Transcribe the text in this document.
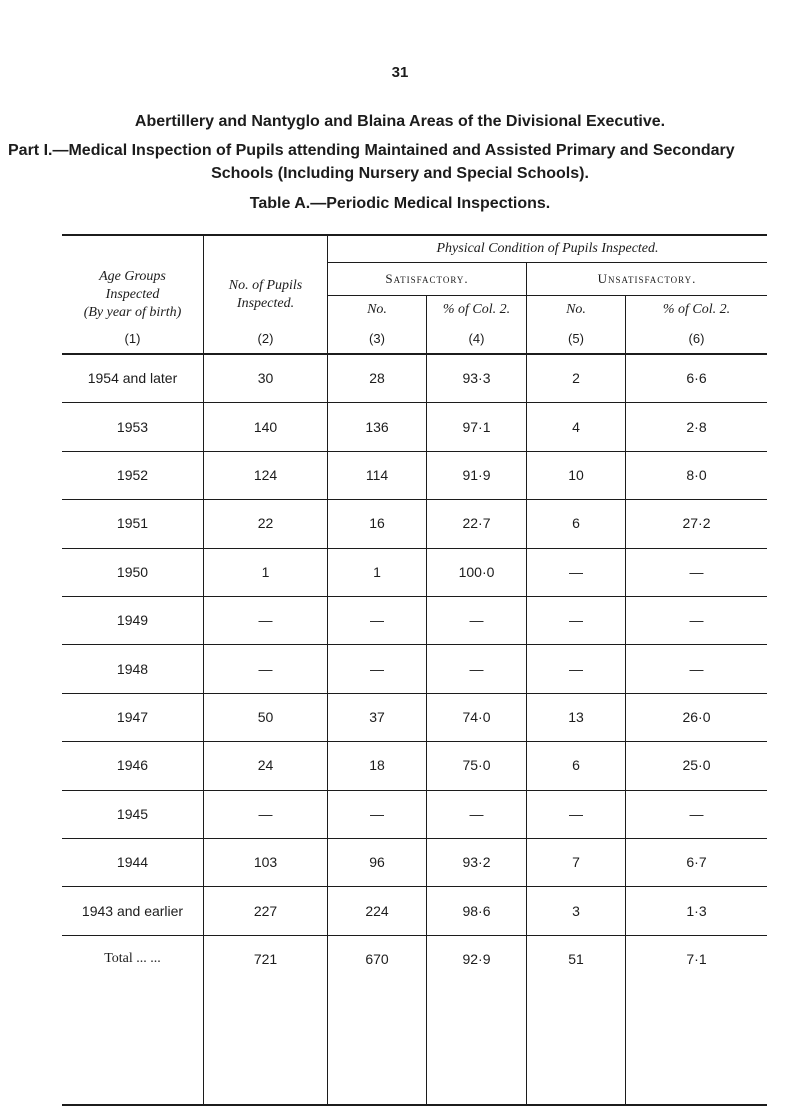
31
Abertillery and Nantyglo and Blaina Areas of the Divisional Executive.
Part I.—Medical Inspection of Pupils attending Maintained and Assisted Primary and Secondary
Schools (Including Nursery and Special Schools).
Table A.—Periodic Medical Inspections.
Age Groups
Inspected
(By year of birth)
No. of Pupils
Inspected.
Physical Condition of Pupils Inspected.
Satisfactory.	Unsatisfactory.
No.	% of Col. 2.	No.	% of Col. 2.
(1)	(2)	(3)	(4)	(5)	(6)
1954 and later	30	28	93·3	2	6·6
1953	140	136	97·1	4	2·8
1952	124	114	91·9	10	8·0
1951	22	16	22·7	6	27·2
1950	1	1	100·0	—	—
1949	—	—	—	—	—
1948	—	—	—	—	—
1947	50	37	74·0	13	26·0
1946	24	18	75·0	6	25·0
1945	—	—	—	—	—
1944	103	96	93·2	7	6·7
1943 and earlier	227	224	98·6	3	1·3
Total ... ...	721	670	92·9	51	7·1
